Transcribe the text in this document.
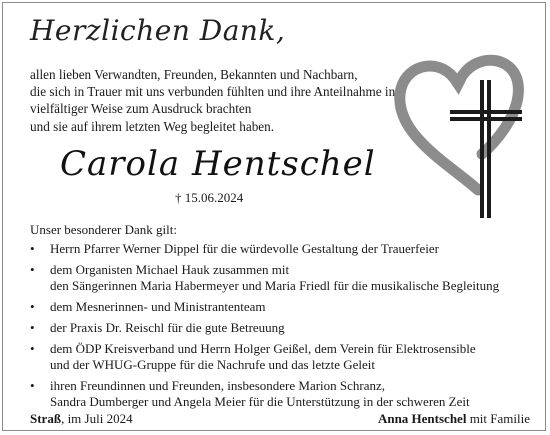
Herzlichen Dank,
allen lieben Verwandten, Freunden, Bekannten und Nachbarn,
die sich in Trauer mit uns verbunden fühlten und ihre Anteilnahme in
vielfältiger Weise zum Ausdruck brachten
und sie auf ihrem letzten Weg begleitet haben.
Carola Hentschel
† 15.06.2024
Unser besonderer Dank gilt:
• Herrn Pfarrer Werner Dippel für die würdevolle Gestaltung der Trauerfeier
• dem Organisten Michael Hauk zusammen mit
den Sängerinnen Maria Habermeyer und Maria Friedl für die musikalische Begleitung
• dem Mesnerinnen- und Ministrantenteam
• der Praxis Dr. Reischl für die gute Betreuung
• dem ÖDP Kreisverband und Herrn Holger Geißel, dem Verein für Elektrosensible
und der WHUG-Gruppe für die Nachrufe und das letzte Geleit
• ihren Freundinnen und Freunden, insbesondere Marion Schranz,
Sandra Dumberger und Angela Meier für die Unterstützung in der schweren Zeit
Straß, im Juli 2024	Anna Hentschel mit Familie
